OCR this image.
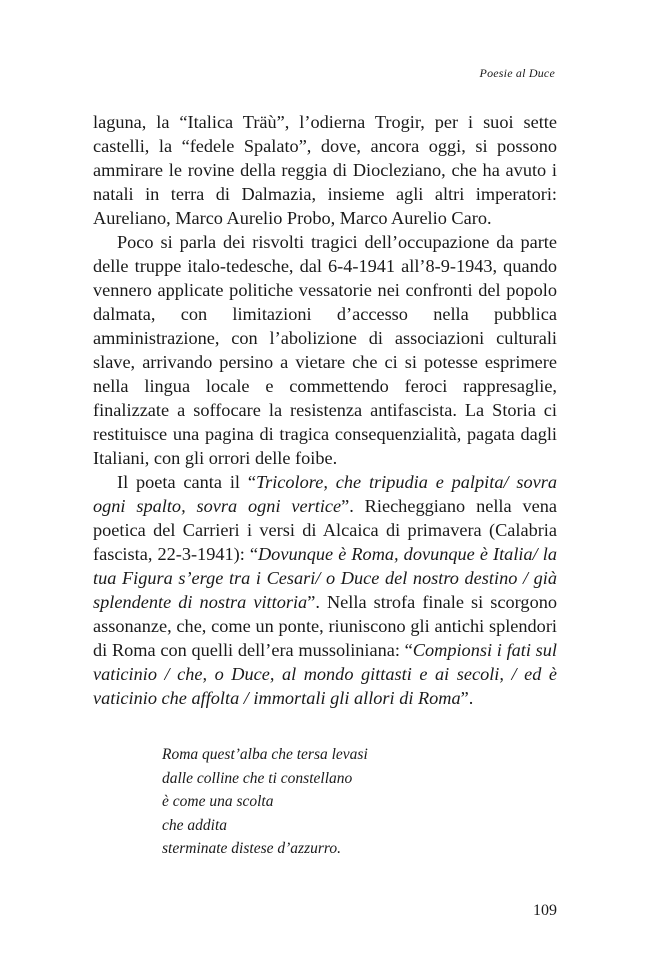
Poesie al Duce

laguna, la “Italica Träù”, l’odierna Trogir, per i suoi sette castelli, la “fedele Spalato”, dove, ancora oggi, si possono ammirare le rovine della reggia di Diocleziano, che ha avuto i natali in terra di Dalmazia, insieme agli altri imperatori: Aureliano, Marco Aurelio Probo, Marco Aurelio Caro.

Poco si parla dei risvolti tragici dell’occupazione da parte delle truppe italo-tedesche, dal 6-4-1941 all’8-9-1943, quando vennero applicate politiche vessatorie nei confronti del popolo dalmata, con limitazioni d’accesso nella pubblica amministrazione, con l’abolizione di associazioni culturali slave, arrivando persino a vietare che ci si potesse esprimere nella lingua locale e commettendo feroci rappresaglie, finalizzate a soffocare la resistenza antifascista. La Storia ci restituisce una pagina di tragica consequenzialità, pagata dagli Italiani, con gli orrori delle foibe.

Il poeta canta il “Tricolore, che tripudia e palpita/ sovra ogni spalto, sovra ogni vertice”. Riecheggiano nella vena poetica del Carrieri i versi di Alcaica di primavera (Calabria fascista, 22-3-1941): “Dovunque è Roma, dovunque è Italia/ la tua Figura s’erge tra i Cesari/ o Duce del nostro destino / già splendente di nostra vittoria”. Nella strofa finale si scorgono assonanze, che, come un ponte, riuniscono gli antichi splendori di Roma con quelli dell’era mussoliniana: “Compionsi i fati sul vaticinio / che, o Duce, al mondo gittasti e ai secoli, / ed è vaticinio che affolta / immortali gli allori di Roma”.

Roma quest’alba che tersa levasi
dalle colline che ti constellano
è come una scolta
che addita
sterminate distese d’azzurro.
109
